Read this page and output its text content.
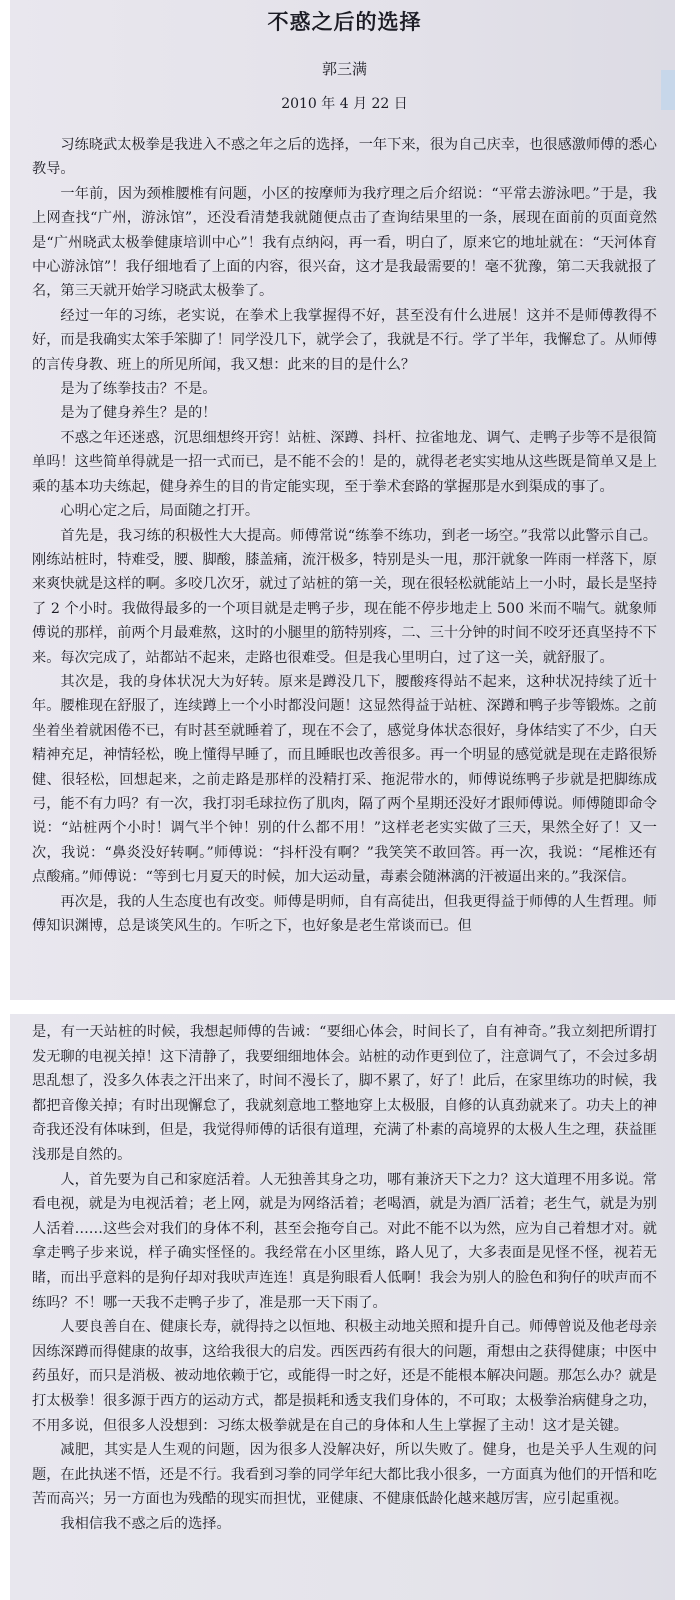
不惑之后的选择
郭三满
2010 年 4 月 22 日

习练晓武太极拳是我进入不惑之年之后的选择，一年下来，很为自己庆幸，也很感激师傅的悉心教导。

一年前，因为颈椎腰椎有问题，小区的按摩师为我疗理之后介绍说：“平常去游泳吧。”于是，我上网查找“广州，游泳馆”，还没看清楚我就随便点击了查询结果里的一条，展现在面前的页面竟然是“广州晓武太极拳健康培训中心”！我有点纳闷，再一看，明白了，原来它的地址就在：“天河体育中心游泳馆”！我仔细地看了上面的内容，很兴奋，这才是我最需要的！毫不犹豫，第二天我就报了名，第三天就开始学习晓武太极拳了。

经过一年的习练，老实说，在拳术上我掌握得不好，甚至没有什么进展！这并不是师傅教得不好，而是我确实太笨手笨脚了！同学没几下，就学会了，我就是不行。学了半年，我懈怠了。从师傅的言传身教、班上的所见所闻，我又想：此来的目的是什么？

是为了练拳技击？不是。

是为了健身养生？是的！

不惑之年还迷惑，沉思细想终开窍！站桩、深蹲、抖杆、拉雀地龙、调气、走鸭子步等不是很简单吗！这些简单得就是一招一式而已，是不能不会的！是的，就得老老实实地从这些既是简单又是上乘的基本功夫练起，健身养生的目的肯定能实现，至于拳术套路的掌握那是水到渠成的事了。

心明心定之后，局面随之打开。

首先是，我习练的积极性大大提高。师傅常说“练拳不练功，到老一场空。”我常以此警示自己。刚练站桩时，特难受，腰、脚酸，膝盖痛，流汗极多，特别是头一甩，那汗就象一阵雨一样落下，原来爽快就是这样的啊。多咬几次牙，就过了站桩的第一关，现在很轻松就能站上一小时，最长是坚持了 2 个小时。我做得最多的一个项目就是走鸭子步，现在能不停步地走上 500 米而不喘气。就象师傅说的那样，前两个月最难熬，这时的小腿里的筋特别疼，二、三十分钟的时间不咬牙还真坚持不下来。每次完成了，站都站不起来，走路也很难受。但是我心里明白，过了这一关，就舒服了。

其次是，我的身体状况大为好转。原来是蹲没几下，腰酸疼得站不起来，这种状况持续了近十年。腰椎现在舒服了，连续蹲上一个小时都没问题！这显然得益于站桩、深蹲和鸭子步等锻炼。之前坐着坐着就困倦不已，有时甚至就睡着了，现在不会了，感觉身体状态很好，身体结实了不少，白天精神充足，神情轻松，晚上懂得早睡了，而且睡眠也改善很多。再一个明显的感觉就是现在走路很矫健、很轻松，回想起来，之前走路是那样的没精打采、拖泥带水的，师傅说练鸭子步就是把脚练成弓，能不有力吗？有一次，我打羽毛球拉伤了肌肉，隔了两个星期还没好才跟师傅说。师傅随即命令说：“站桩两个小时！调气半个钟！别的什么都不用！”这样老老实实做了三天，果然全好了！又一次，我说：“鼻炎没好转啊。”师傅说：“抖杆没有啊？”我笑笑不敢回答。再一次，我说：“尾椎还有点酸痛。”师傅说：“等到七月夏天的时候，加大运动量，毒素会随淋漓的汗被逼出来的。”我深信。

再次是，我的人生态度也有改变。师傅是明师，自有高徒出，但我更得益于师傅的人生哲理。师傅知识渊博，总是谈笑风生的。乍听之下，也好象是老生常谈而已。但

是，有一天站桩的时候，我想起师傅的告诫：“要细心体会，时间长了，自有神奇。”我立刻把所谓打发无聊的电视关掉！这下清静了，我要细细地体会。站桩的动作更到位了，注意调气了，不会过多胡思乱想了，没多久体表之汗出来了，时间不漫长了，脚不累了，好了！此后，在家里练功的时候，我都把音像关掉；有时出现懈怠了，我就刻意地工整地穿上太极服，自修的认真劲就来了。功夫上的神奇我还没有体味到，但是，我觉得师傅的话很有道理，充满了朴素的高境界的太极人生之理，获益匪浅那是自然的。

人，首先要为自己和家庭活着。人无独善其身之功，哪有兼济天下之力？这大道理不用多说。常看电视，就是为电视活着；老上网，就是为网络活着；老喝酒，就是为酒厂活着；老生气，就是为别人活着……这些会对我们的身体不利，甚至会拖夸自己。对此不能不以为然，应为自己着想才对。就拿走鸭子步来说，样子确实怪怪的。我经常在小区里练，路人见了，大多表面是见怪不怪，视若无睹，而出乎意料的是狗仔却对我吠声连连！真是狗眼看人低啊！我会为别人的脸色和狗仔的吠声而不练吗？不！哪一天我不走鸭子步了，准是那一天下雨了。

人要良善自在、健康长寿，就得持之以恒地、积极主动地关照和提升自己。师傅曾说及他老母亲因练深蹲而得健康的故事，这给我很大的启发。西医西药有很大的问题，甭想由之获得健康；中医中药虽好，而只是消极、被动地依赖于它，或能得一时之好，还是不能根本解决问题。那怎么办？就是打太极拳！很多源于西方的运动方式，都是损耗和透支我们身体的，不可取；太极拳治病健身之功，不用多说，但很多人没想到：习练太极拳就是在自己的身体和人生上掌握了主动！这才是关键。

减肥，其实是人生观的问题，因为很多人没解决好，所以失败了。健身，也是关乎人生观的问题，在此执迷不悟，还是不行。我看到习拳的同学年纪大都比我小很多，一方面真为他们的开悟和吃苦而高兴；另一方面也为残酷的现实而担忧，亚健康、不健康低龄化越来越厉害，应引起重视。

我相信我不惑之后的选择。
